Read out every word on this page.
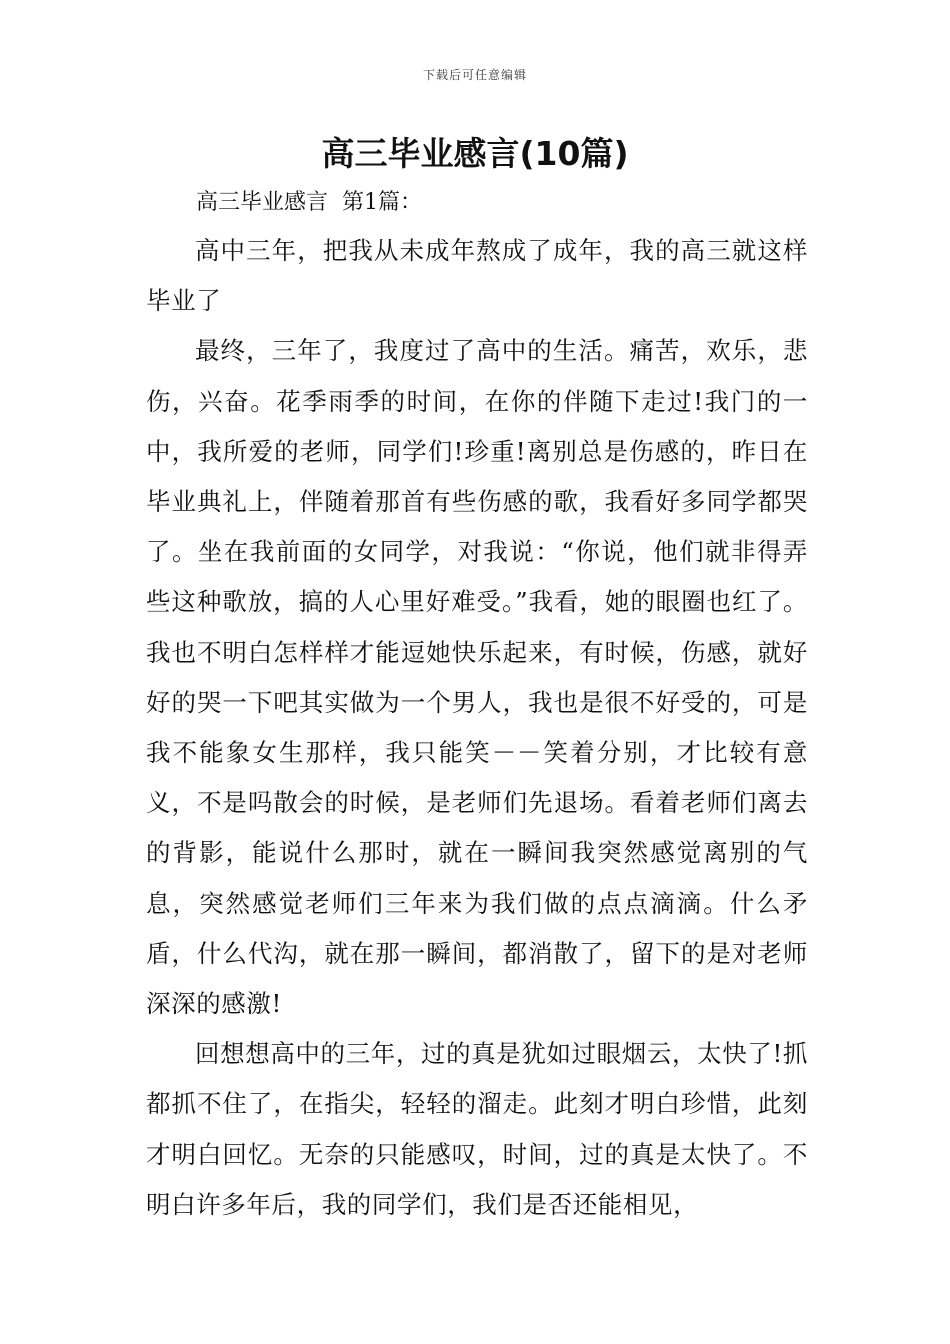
下载后可任意编辑
高三毕业感言(10篇)
高三毕业感言  第1篇：

高中三年，把我从未成年熬成了成年，我的高三就这样毕业了

最终，三年了，我度过了高中的生活。痛苦，欢乐，悲伤，兴奋。花季雨季的时间，在你的伴随下走过!我门的一中，我所爱的老师，同学们!珍重!离别总是伤感的，昨日在毕业典礼上，伴随着那首有些伤感的歌，我看好多同学都哭了。坐在我前面的女同学，对我说：“你说，他们就非得弄些这种歌放，搞的人心里好难受。”我看，她的眼圈也红了。我也不明白怎样样才能逗她快乐起来，有时候，伤感，就好好的哭一下吧其实做为一个男人，我也是很不好受的，可是我不能象女生那样，我只能笑－－笑着分别，才比较有意义，不是吗散会的时候，是老师们先退场。看着老师们离去的背影，能说什么那时，就在一瞬间我突然感觉离别的气息，突然感觉老师们三年来为我们做的点点滴滴。什么矛盾，什么代沟，就在那一瞬间，都消散了，留下的是对老师深深的感激!

回想想高中的三年，过的真是犹如过眼烟云，太快了!抓都抓不住了，在指尖，轻轻的溜走。此刻才明白珍惜，此刻才明白回忆。无奈的只能感叹，时间，过的真是太快了。不明白许多年后，我的同学们，我们是否还能相见，
